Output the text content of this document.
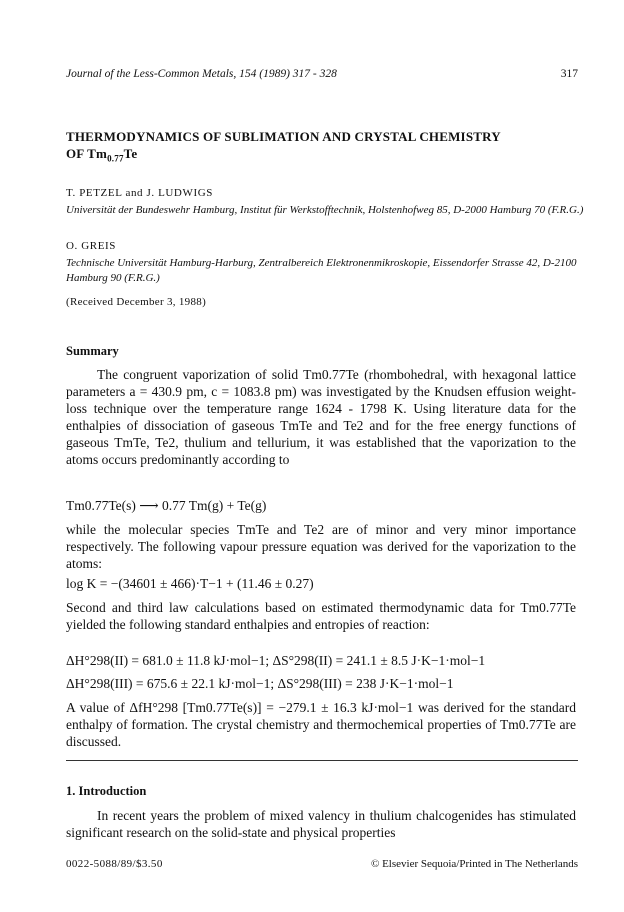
Journal of the Less-Common Metals, 154 (1989) 317 - 328	317
THERMODYNAMICS OF SUBLIMATION AND CRYSTAL CHEMISTRY
OF $Tm_{0.77}Te$
T. PETZEL and J. LUDWIGS
Universität der Bundeswehr Hamburg, Institut für Werkstofftechnik, Holstenhofweg 85, D-2000 Hamburg 70 (F.R.G.)
O. GREIS
Technische Universität Hamburg-Harburg, Zentralbereich Elektronenmikroskopie, Eissendorfer Strasse 42, D-2100 Hamburg 90 (F.R.G.)
(Received December 3, 1988)
Summary
The congruent vaporization of solid Tm0.77Te (rhombohedral, with hexagonal lattice parameters a = 430.9 pm, c = 1083.8 pm) was investigated by the Knudsen effusion weight-loss technique over the temperature range 1624 - 1798 K. Using literature data for the enthalpies of dissociation of gaseous TmTe and Te2 and for the free energy functions of gaseous TmTe, Te2, thulium and tellurium, it was established that the vaporization to the atoms occurs predominantly according to
Tm0.77Te(s) ⟶ 0.77 Tm(g) + Te(g)
while the molecular species TmTe and Te2 are of minor and very minor importance respectively. The following vapour pressure equation was derived for the vaporization to the atoms:
log K = −(34601 ± 466)·T−1 + (11.46 ± 0.27)
Second and third law calculations based on estimated thermodynamic data for Tm0.77Te yielded the following standard enthalpies and entropies of reaction:
ΔH°298(II) = 681.0 ± 11.8 kJ·mol−1; ΔS°298(II) = 241.1 ± 8.5 J·K−1·mol−1
ΔH°298(III) = 675.6 ± 22.1 kJ·mol−1; ΔS°298(III) = 238 J·K−1·mol−1
A value of ΔfH°298 [Tm0.77Te(s)] = −279.1 ± 16.3 kJ·mol−1 was derived for the standard enthalpy of formation. The crystal chemistry and thermochemical properties of Tm0.77Te are discussed.
1. Introduction
In recent years the problem of mixed valency in thulium chalcogenides has stimulated significant research on the solid-state and physical properties
0022-5088/89/$3.50	© Elsevier Sequoia/Printed in The Netherlands
